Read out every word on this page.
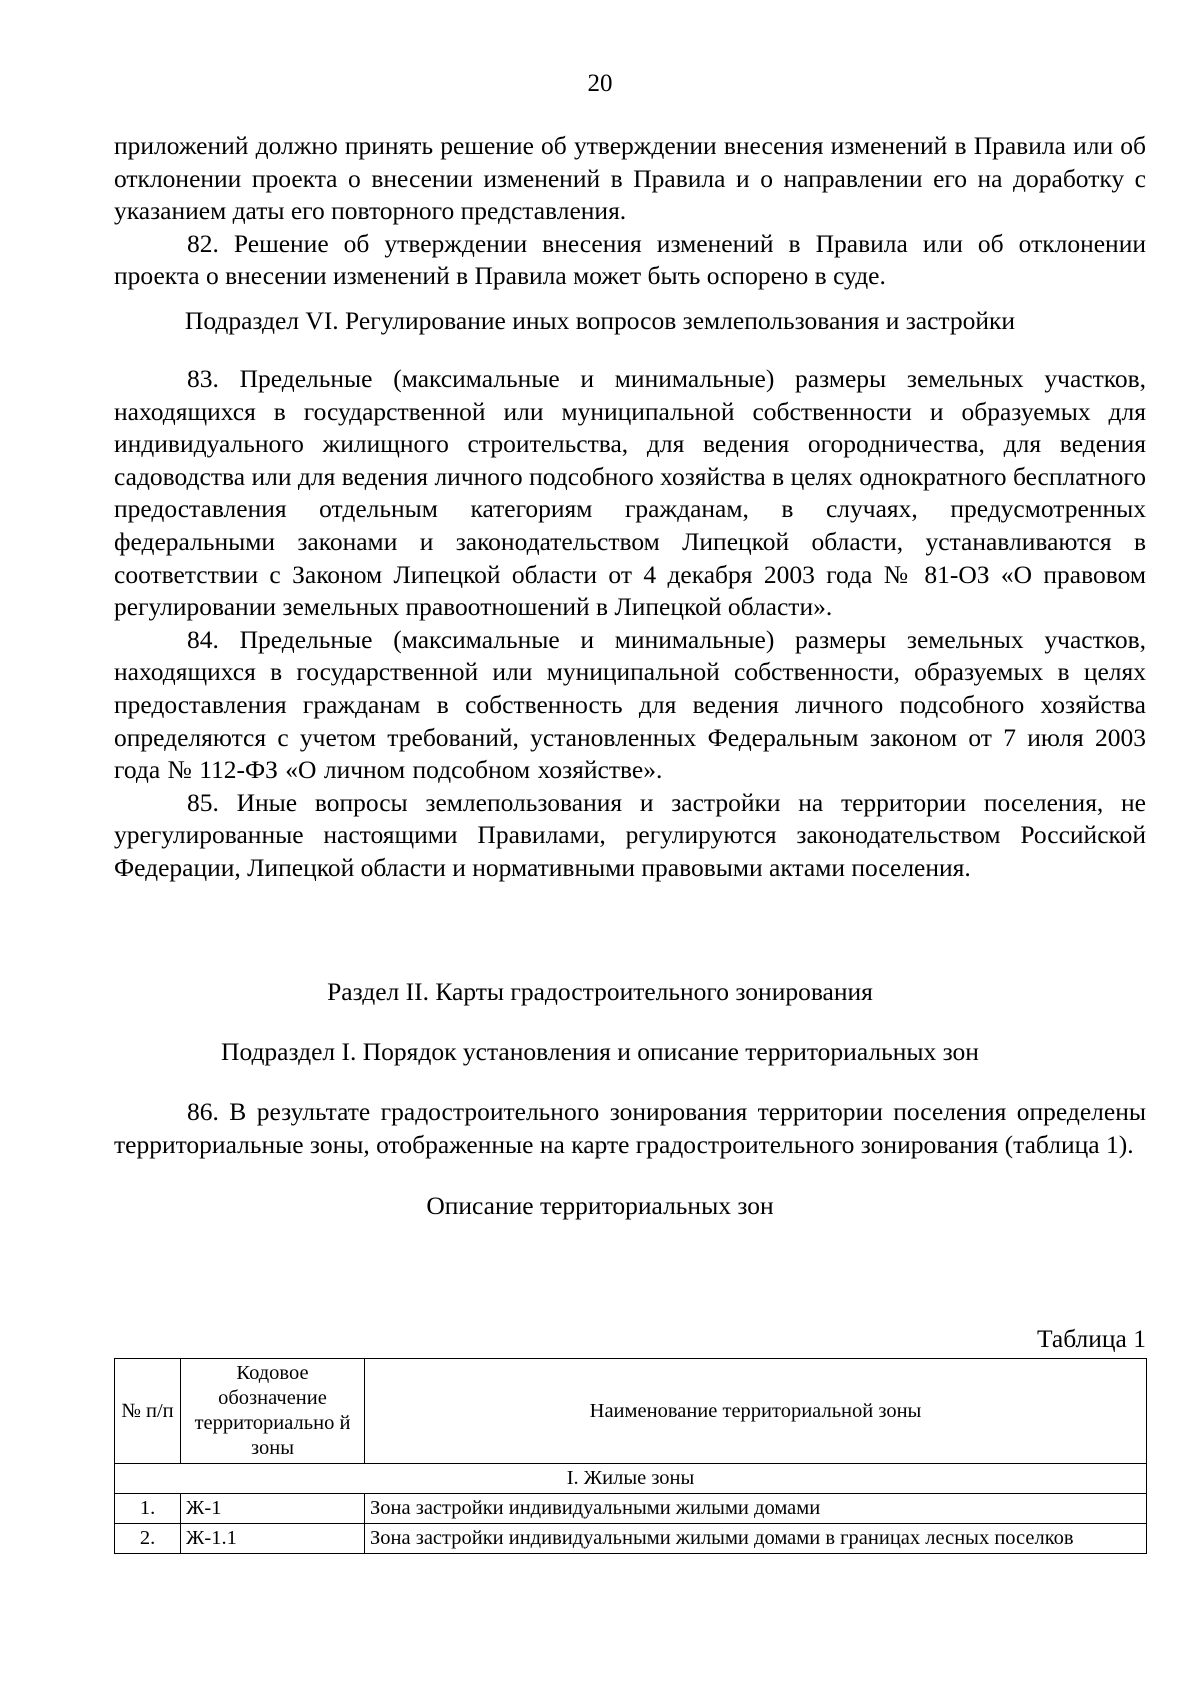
20

приложений должно принять решение об утверждении внесения изменений в Правила или об отклонении проекта о внесении изменений в Правила и о направлении его на доработку с указанием даты его повторного представления.

82. Решение об утверждении внесения изменений в Правила или об отклонении проекта о внесении изменений в Правила может быть оспорено в суде.

Подраздел VI. Регулирование иных вопросов землепользования и застройки

83. Предельные (максимальные и минимальные) размеры земельных участков, находящихся в государственной или муниципальной собственности и образуемых для индивидуального жилищного строительства, для ведения огородничества, для ведения садоводства или для ведения личного подсобного хозяйства в целях однократного бесплатного предоставления отдельным категориям гражданам, в случаях, предусмотренных федеральными законами и законодательством Липецкой области, устанавливаются в соответствии с Законом Липецкой области от 4 декабря 2003 года № 81-ОЗ «О правовом регулировании земельных правоотношений в Липецкой области».

84. Предельные (максимальные и минимальные) размеры земельных участков, находящихся в государственной или муниципальной собственности, образуемых в целях предоставления гражданам в собственность для ведения личного подсобного хозяйства определяются с учетом требований, установленных Федеральным законом от 7 июля 2003 года № 112-ФЗ «О личном подсобном хозяйстве».

85. Иные вопросы землепользования и застройки на территории поселения, не урегулированные настоящими Правилами, регулируются законодательством Российской Федерации, Липецкой области и нормативными правовыми актами поселения.

Раздел II. Карты градостроительного зонирования
Подраздел I. Порядок установления и описание территориальных зон

86. В результате градостроительного зонирования территории поселения определены территориальные зоны, отображенные на карте градостроительного зонирования (таблица 1).

Описание территориальных зон
Таблица 1
№ п/п	Кодовое обозначение территориально й зоны	Наименование территориальной зоны
I. Жилые зоны		
1.	Ж-1	Зона застройки индивидуальными жилыми домами
2.	Ж-1.1	Зона застройки индивидуальными жилыми домами в границах лесных поселков
